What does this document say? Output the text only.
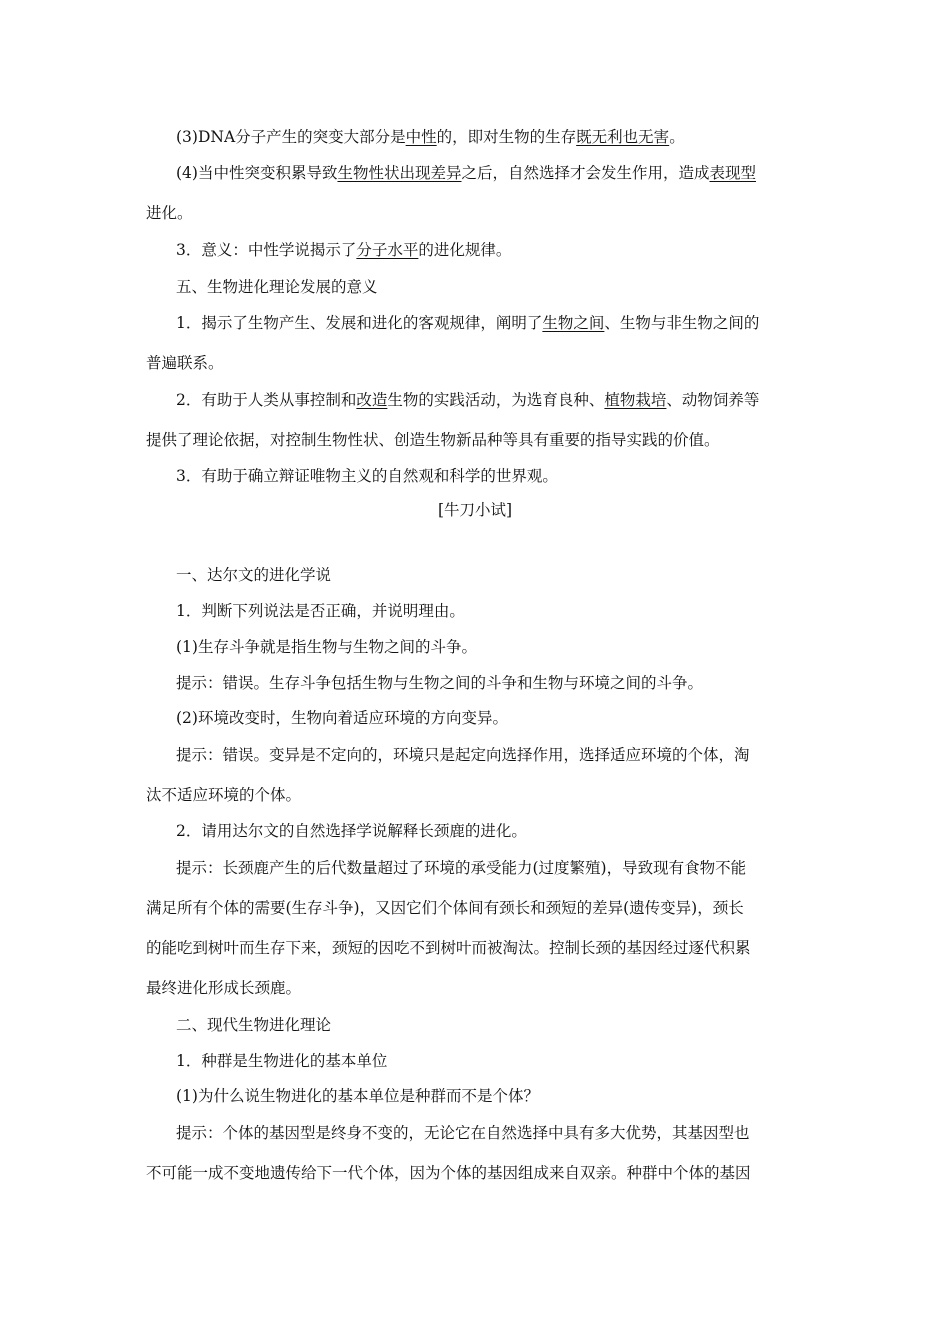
(3)DNA分子产生的突变大部分是中性的，即对生物的生存既无利也无害。
(4)当中性突变积累导致生物性状出现差异之后，自然选择才会发生作用，造成表现型
进化。
3．意义：中性学说揭示了分子水平的进化规律。
五、生物进化理论发展的意义
1．揭示了生物产生、发展和进化的客观规律，阐明了生物之间、生物与非生物之间的
普遍联系。
2．有助于人类从事控制和改造生物的实践活动，为选育良种、植物栽培、动物饲养等
提供了理论依据，对控制生物性状、创造生物新品种等具有重要的指导实践的价值。
3．有助于确立辩证唯物主义的自然观和科学的世界观。
[牛刀小试]
一、达尔文的进化学说
1．判断下列说法是否正确，并说明理由。
(1)生存斗争就是指生物与生物之间的斗争。
提示：错误。生存斗争包括生物与生物之间的斗争和生物与环境之间的斗争。
(2)环境改变时，生物向着适应环境的方向变异。
提示：错误。变异是不定向的，环境只是起定向选择作用，选择适应环境的个体，淘
汰不适应环境的个体。
2．请用达尔文的自然选择学说解释长颈鹿的进化。
提示：长颈鹿产生的后代数量超过了环境的承受能力(过度繁殖)，导致现有食物不能
满足所有个体的需要(生存斗争)，又因它们个体间有颈长和颈短的差异(遗传变异)，颈长
的能吃到树叶而生存下来，颈短的因吃不到树叶而被淘汰。控制长颈的基因经过逐代积累
最终进化形成长颈鹿。
二、现代生物进化理论
1．种群是生物进化的基本单位
(1)为什么说生物进化的基本单位是种群而不是个体？
提示：个体的基因型是终身不变的，无论它在自然选择中具有多大优势，其基因型也
不可能一成不变地遗传给下一代个体，因为个体的基因组成来自双亲。种群中个体的基因
